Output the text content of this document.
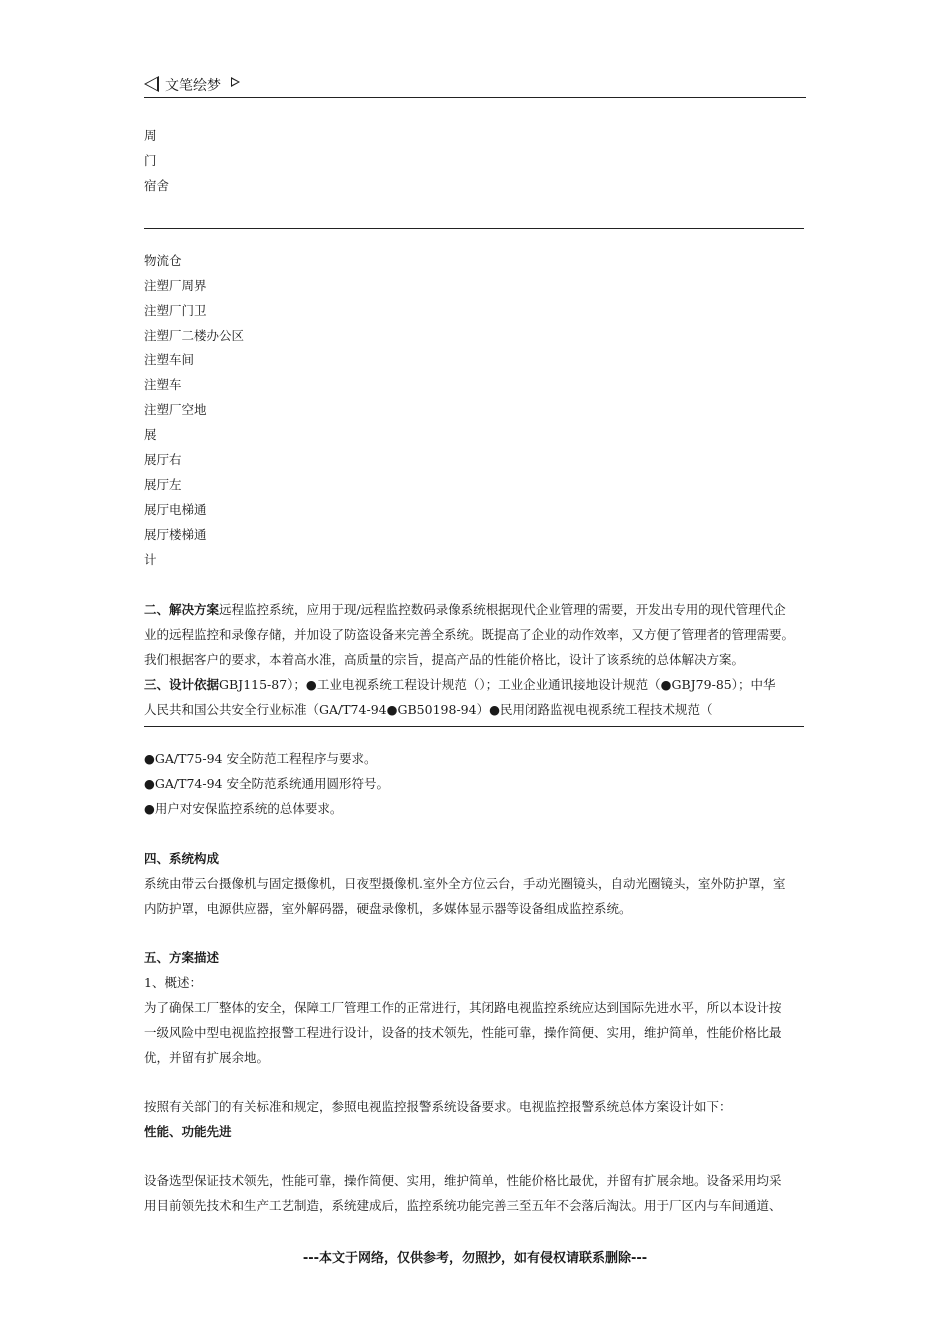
文笔绘梦
周
门
宿舍
物流仓
注塑厂周界
注塑厂门卫
注塑厂二楼办公区
注塑车间
注塑车
注塑厂空地
展
展厅右
展厅左
展厅电梯通
展厅楼梯通
计
二、解决方案远程监控系统，应用于现/远程监控数码录像系统根据现代企业管理的需要，开发出专用的现代管理代企
业的远程监控和录像存储，并加设了防盗设备来完善全系统。既提高了企业的动作效率，又方便了管理者的管理需要。
我们根据客户的要求，本着高水准，高质量的宗旨，提高产品的性能价格比，设计了该系统的总体解决方案。
三、设计依据GBJ115-87）；●工业电视系统工程设计规范（）；工业企业通讯接地设计规范（●GBJ79-85）；中华
人民共和国公共安全行业标准（GA/T74-94●GB50198-94）●民用闭路监视电视系统工程技术规范（
●GA/T75-94 安全防范工程程序与要求。
●GA/T74-94 安全防范系统通用圆形符号。
●用户对安保监控系统的总体要求。
四、系统构成
系统由带云台摄像机与固定摄像机，日夜型摄像机.室外全方位云台，手动光圈镜头，自动光圈镜头，室外防护罩，室
内防护罩，电源供应器，室外解码器，硬盘录像机，多媒体显示器等设备组成监控系统。
五、方案描述
1、概述：
为了确保工厂整体的安全，保障工厂管理工作的正常进行，其闭路电视监控系统应达到国际先进水平，所以本设计按
一级风险中型电视监控报警工程进行设计，设备的技术领先，性能可靠，操作简便、实用，维护简单，性能价格比最
优，并留有扩展余地。
按照有关部门的有关标准和规定，参照电视监控报警系统设备要求。电视监控报警系统总体方案设计如下：
性能、功能先进
设备选型保证技术领先，性能可靠，操作简便、实用，维护简单，性能价格比最优，并留有扩展余地。设备采用均采
用目前领先技术和生产工艺制造，系统建成后，监控系统功能完善三至五年不会落后淘汰。用于厂区内与车间通道、
---本文于网络，仅供参考，勿照抄，如有侵权请联系删除---
